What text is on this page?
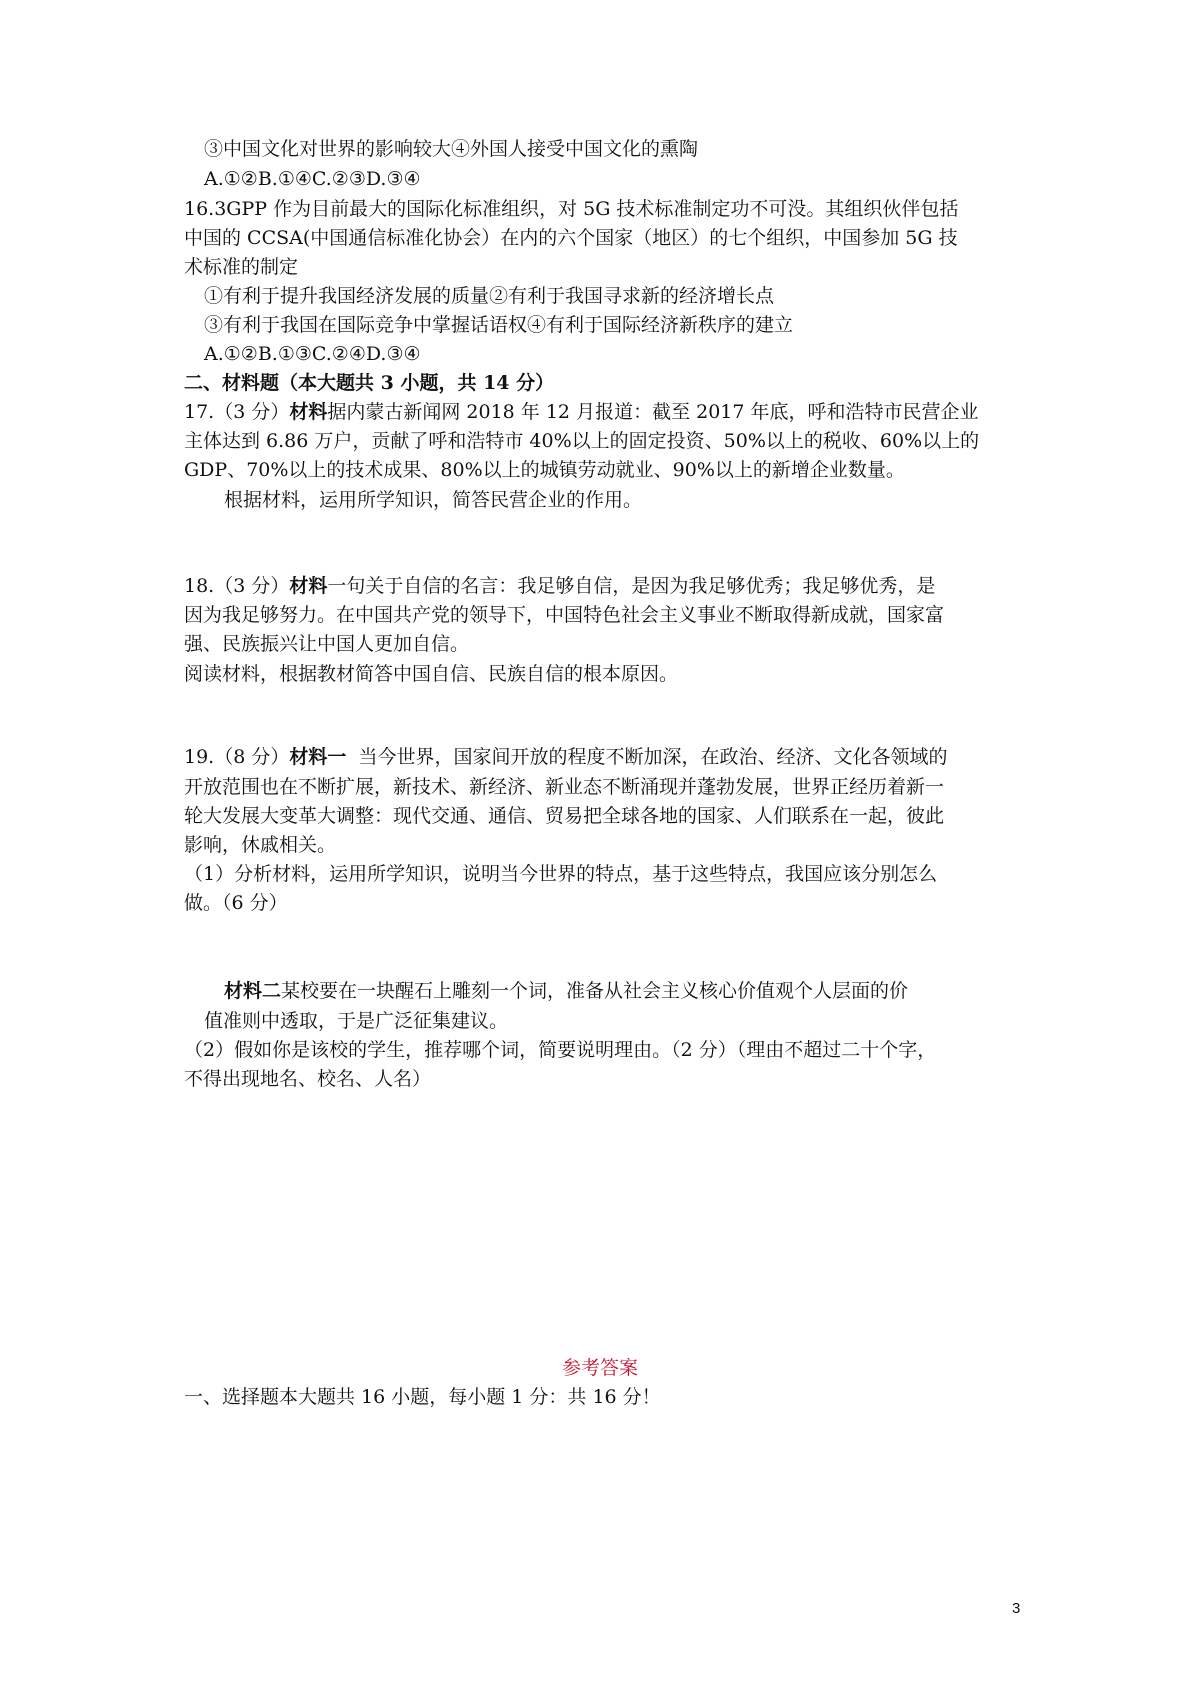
③中国文化对世界的影响较大④外国人接受中国文化的熏陶
A.①②B.①④C.②③D.③④
16.3GPP 作为目前最大的国际化标准组织，对 5G 技术标准制定功不可没。其组织伙伴包括
中国的 CCSA(中国通信标准化协会）在内的六个国家（地区）的七个组织，中国参加 5G 技
术标准的制定
①有利于提升我国经济发展的质量②有利于我国寻求新的经济增长点
③有利于我国在国际竞争中掌握话语权④有利于国际经济新秩序的建立
A.①②B.①③C.②④D.③④
二、材料题（本大题共 3 小题，共 14 分）
17.（3 分）材料据内蒙古新闻网 2018 年 12 月报道：截至 2017 年底，呼和浩特市民营企业
主体达到 6.86 万户，贡献了呼和浩特市 40%以上的固定投资、50%以上的税收、60%以上的
GDP、70%以上的技术成果、80%以上的城镇劳动就业、90%以上的新增企业数量。
根据材料，运用所学知识，简答民营企业的作用。
18.（3 分）材料一句关于自信的名言：我足够自信，是因为我足够优秀；我足够优秀，是
因为我足够努力。在中国共产党的领导下，中国特色社会主义事业不断取得新成就，国家富
强、民族振兴让中国人更加自信。
阅读材料，根据教材简答中国自信、民族自信的根本原因。
19.（8 分）材料一  当今世界，国家间开放的程度不断加深，在政治、经济、文化各领域的
开放范围也在不断扩展，新技术、新经济、新业态不断涌现并蓬勃发展，世界正经历着新一
轮大发展大变革大调整：现代交通、通信、贸易把全球各地的国家、人们联系在一起，彼此
影响，休戚相关。
（1）分析材料，运用所学知识，说明当今世界的特点，基于这些特点，我国应该分别怎么
做。（6 分）
材料二某校要在一块醒石上雕刻一个词，准备从社会主义核心价值观个人层面的价
值准则中透取，于是广泛征集建议。
（2）假如你是该校的学生，推荐哪个词，简要说明理由。（2 分）（理由不超过二十个字，
不得出现地名、校名、人名）
参考答案
一、选择题本大题共 16 小题，每小题 1 分：共 16 分！
3
